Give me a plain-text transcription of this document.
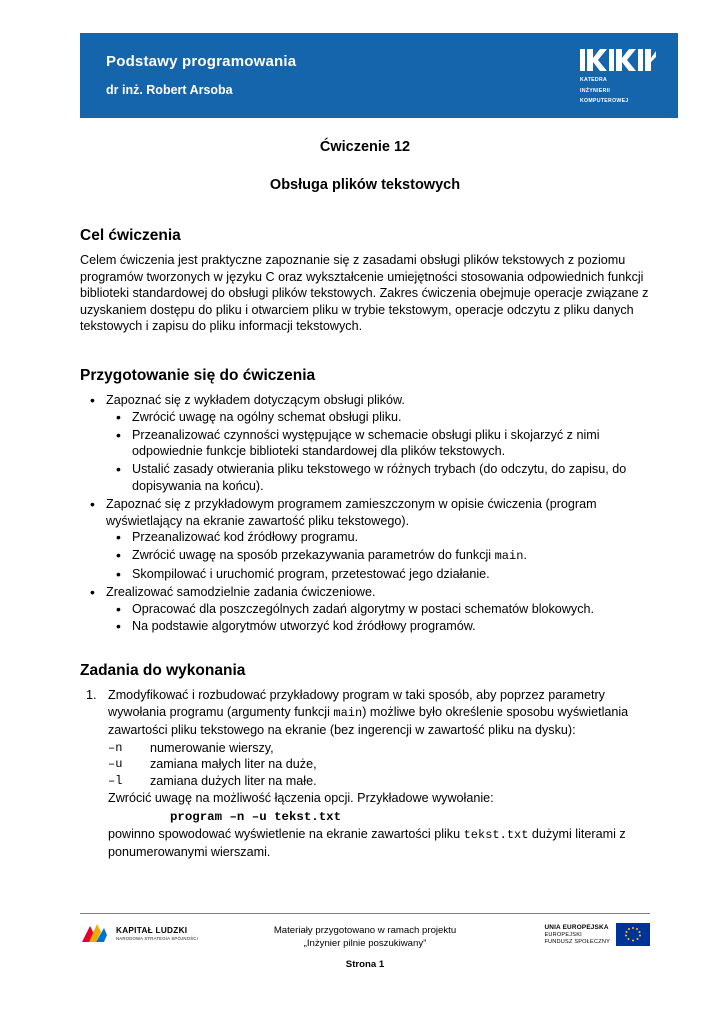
Podstawy programowania
dr inż. Robert Arsoba
KATEDRA
INŻYNIERII
KOMPUTEROWEJ
Ćwiczenie 12
Obsługa plików tekstowych
Cel ćwiczenia

Celem ćwiczenia jest praktyczne zapoznanie się z zasadami obsługi plików tekstowych z poziomu programów tworzonych w języku C oraz wykształcenie umiejętności stosowania odpowiednich funkcji biblioteki standardowej do obsługi plików tekstowych. Zakres ćwiczenia obejmuje operacje związane z uzyskaniem dostępu do pliku i otwarciem pliku w trybie tekstowym, operacje odczytu z pliku danych tekstowych i zapisu do pliku informacji tekstowych.

Przygotowanie się do ćwiczenia
• Zapoznać się z wykładem dotyczącym obsługi plików.
• Zwrócić uwagę na ogólny schemat obsługi pliku.
• Przeanalizować czynności występujące w schemacie obsługi pliku i skojarzyć z nimi odpowiednie funkcje biblioteki standardowej dla plików tekstowych.
• Ustalić zasady otwierania pliku tekstowego w różnych trybach (do odczytu, do zapisu, do dopisywania na końcu).
• Zapoznać się z przykładowym programem zamieszczonym w opisie ćwiczenia (program wyświetlający na ekranie zawartość pliku tekstowego).
• Przeanalizować kod źródłowy programu.
• Zwrócić uwagę na sposób przekazywania parametrów do funkcji main.
• Skompilować i uruchomić program, przetestować jego działanie.
• Zrealizować samodzielnie zadania ćwiczeniowe.
• Opracować dla poszczególnych zadań algorytmy w postaci schematów blokowych.
• Na podstawie algorytmów utworzyć kod źródłowy programów.
Zadania do wykonania
1. Zmodyfikować i rozbudować przykładowy program w taki sposób, aby poprzez parametry wywołania programu (argumenty funkcji main) możliwe było określenie sposobu wyświetlania zawartości pliku tekstowego na ekranie (bez ingerencji w zawartość pliku na dysku):
–n numerowanie wierszy,
–u zamiana małych liter na duże,
–l zamiana dużych liter na małe.
Zwrócić uwagę na możliwość łączenia opcji. Przykładowe wywołanie:
program –n –u tekst.txt
powinno spowodować wyświetlenie na ekranie zawartości pliku tekst.txt dużymi literami z ponumerowanymi wierszami.
KAPITAŁ LUDZKI
NARODOWA STRATEGIA SPÓJNOŚCI
Materiały przygotowano w ramach projektu
„Inżynier pilnie poszukiwany”
UNIA EUROPEJSKA
EUROPEJSKI
FUNDUSZ SPOŁECZNY
Strona 1
